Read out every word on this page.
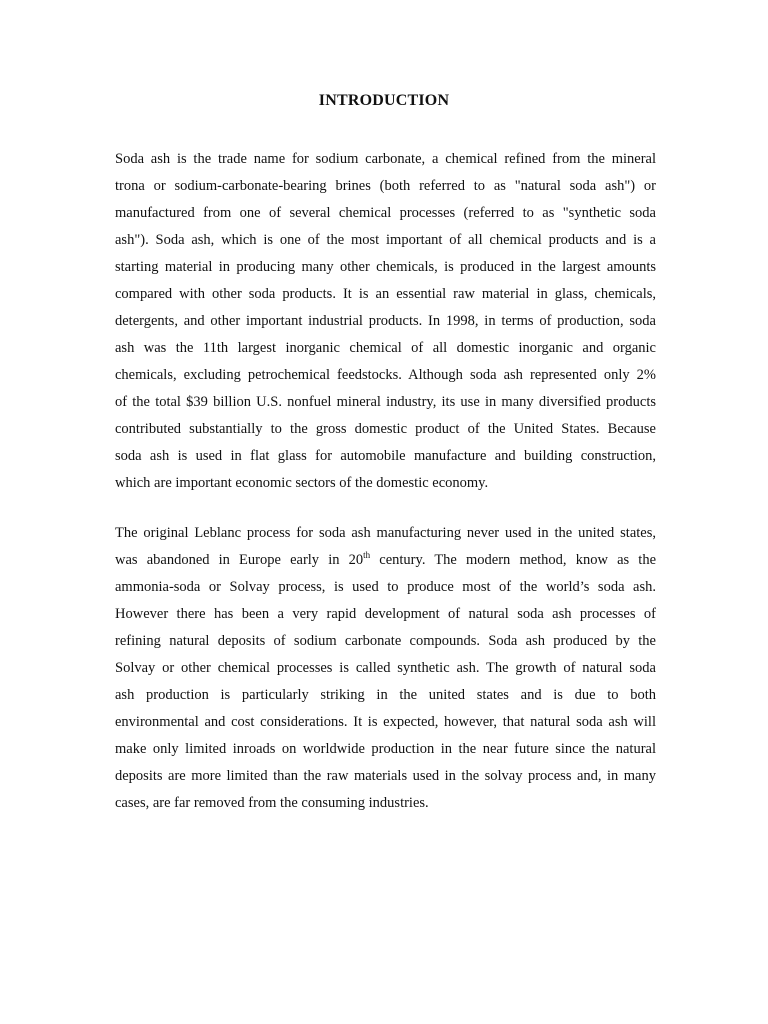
INTRODUCTION
Soda ash is the trade name for sodium carbonate, a chemical refined from the mineral
trona or sodium-carbonate-bearing brines (both referred to as "natural soda ash") or
manufactured from one of several chemical processes (referred to as "synthetic soda
ash"). Soda ash, which is one of the most important of all chemical products and is a
starting material in producing many other chemicals, is produced in the largest amounts
compared with other soda products. It is an essential raw material in glass, chemicals,
detergents, and other important industrial products. In 1998, in terms of production, soda
ash was the 11th largest inorganic chemical of all domestic inorganic and organic
chemicals, excluding petrochemical feedstocks. Although soda ash represented only 2%
of the total $39 billion U.S. nonfuel mineral industry, its use in many diversified products
contributed substantially to the gross domestic product of the United States. Because
soda ash is used in flat glass for automobile manufacture and building construction,
which are important economic sectors of the domestic economy.
The original Leblanc process for soda ash manufacturing never used in the united states,
was abandoned in Europe early in 20th century. The modern method, know as the
ammonia-soda or Solvay process, is used to produce most of the world’s soda ash.
However there has been a very rapid development of natural soda ash processes of
refining natural deposits of sodium carbonate compounds. Soda ash produced by the
Solvay or other chemical processes is called synthetic ash. The growth of natural soda
ash production is particularly striking in the united states and is due to both
environmental and cost considerations. It is expected, however, that natural soda ash will
make only limited inroads on worldwide production in the near future since the natural
deposits are more limited than the raw materials used in the solvay process and, in many
cases, are far removed from the consuming industries.
